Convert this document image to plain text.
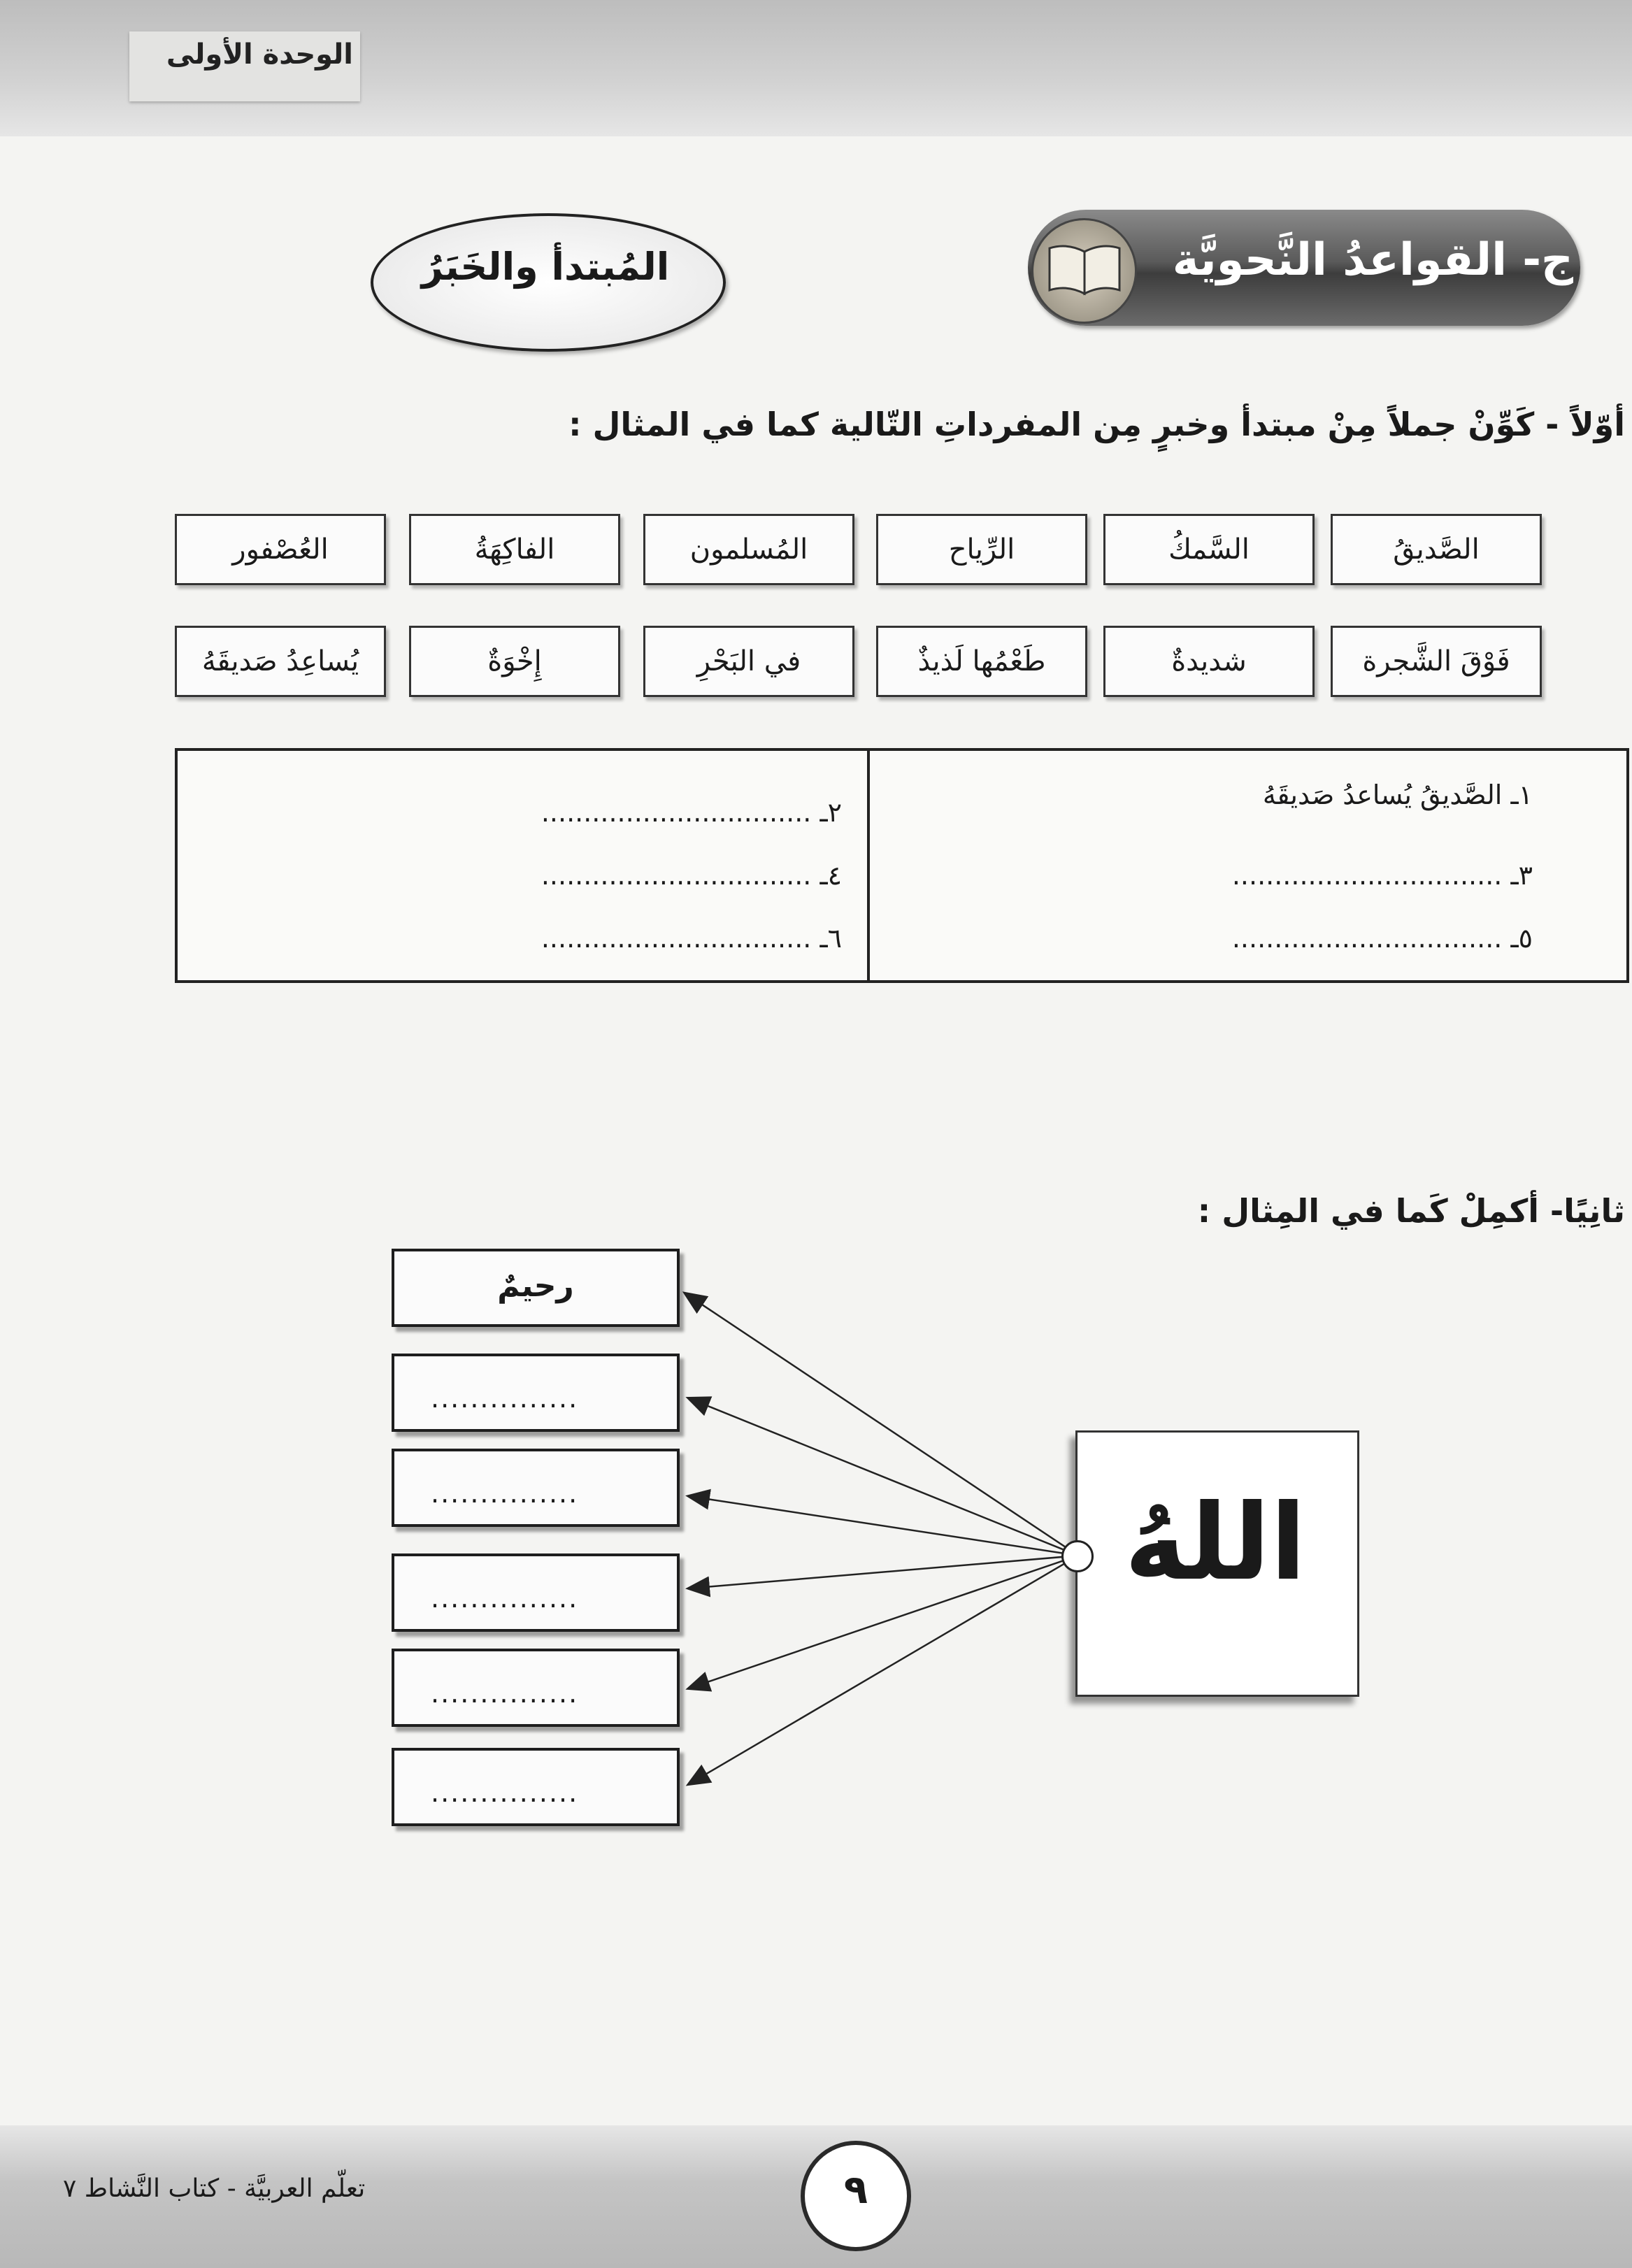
الوحدة الأولى
ج- القواعدُ النَّحويَّة
المُبتدأ والخَبَرُ
أوّلاً - كَوِّنْ جملاً مِنْ مبتدأ وخبرٍ مِن المفرداتِ التّالية كما في المثال :
الصَّديقُ
السَّمكُ
الرِّياح
المُسلمون
الفاكِهَةُ
العُصْفور
فَوْقَ الشَّجرة
شديدةٌ
طَعْمُها لَذيذٌ
في البَحْرِ
إِخْوَةٌ
يُساعِدُ صَديقَهُ
١ـ الصَّديقُ يُساعدُ صَديقَهُ
٣ـ ................................
٥ـ ................................
٢ـ ................................
٤ـ ................................
٦ـ ................................
ثانِيًا- أكمِلْ كَما في المِثال :
رحيمٌ
...............
...............
...............
...............
...............
اللهُ
٩
تعلّم العربيَّة - كتاب النَّشاط ٧
